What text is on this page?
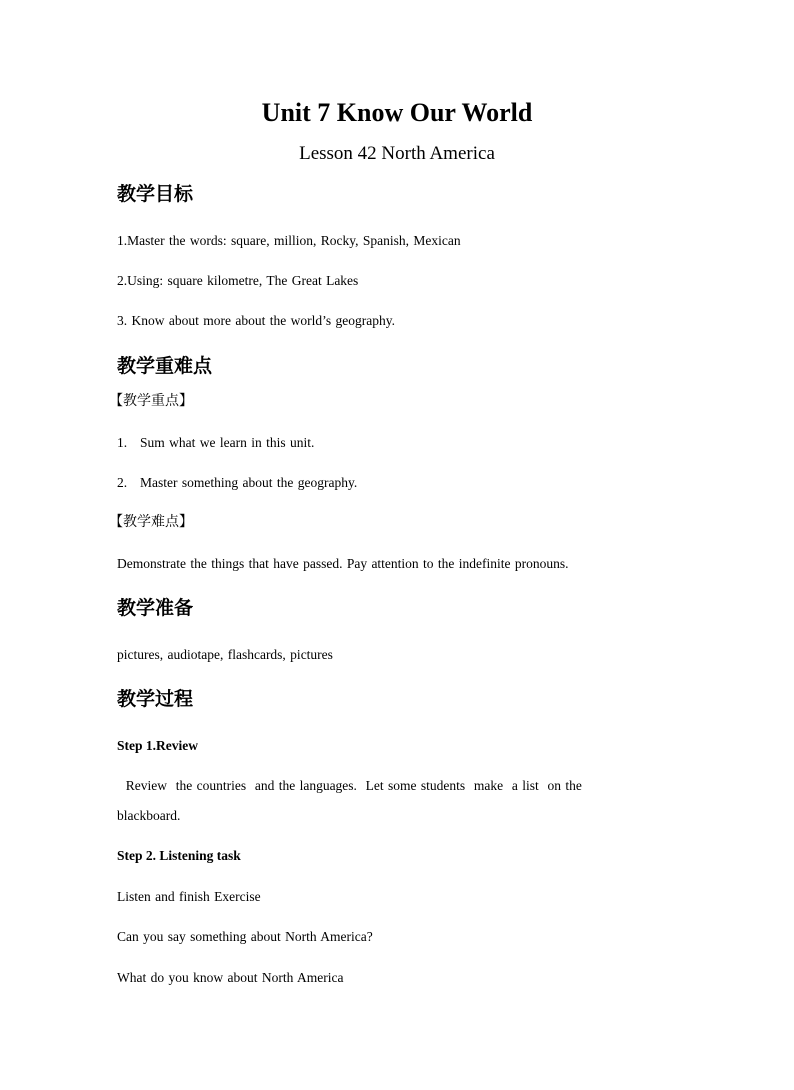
Unit 7 Know Our World
Lesson 42 North America
教学目标
1.Master the words: square, million, Rocky, Spanish, Mexican
2.Using: square kilometre, The Great Lakes
3. Know about more about the world’s geography.
教学重难点
【教学重点】
1. Sum what we learn in this unit.
2. Master something about the geography.
【教学难点】
Demonstrate the things that have passed. Pay attention to the indefinite pronouns.
教学准备
pictures, audiotape, flashcards, pictures
教学过程
Step 1.Review
Review  the countries  and the languages.  Let some students  make  a list  on the
blackboard.
Step 2. Listening task
Listen and finish Exercise
Can you say something about North America?
What do you know about North America
